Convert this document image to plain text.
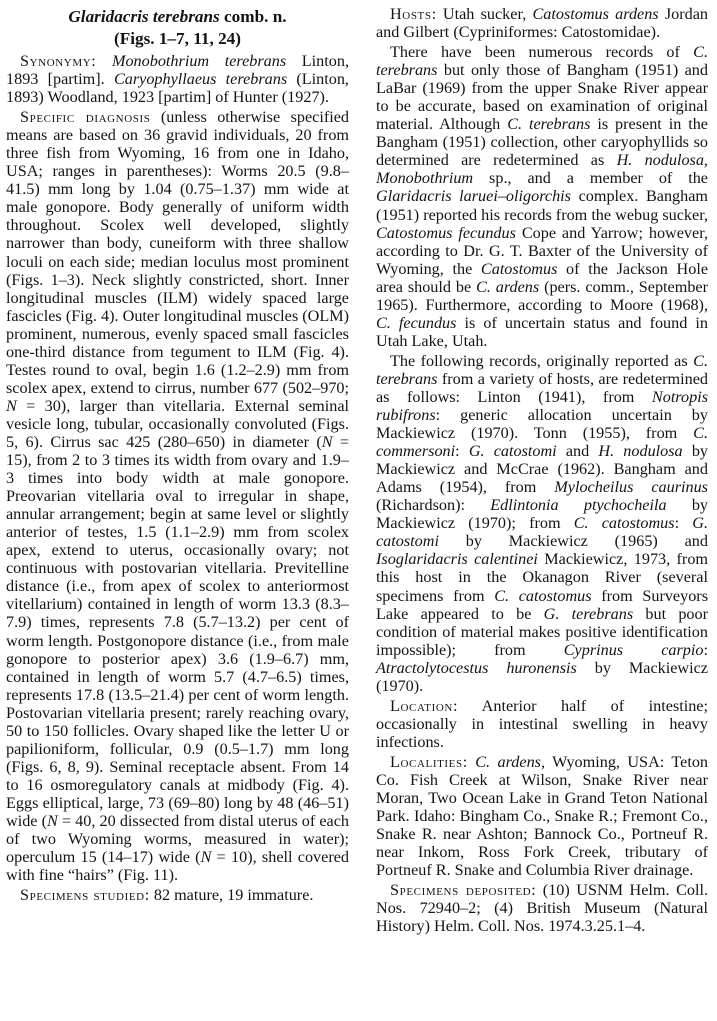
Glaridacris terebrans comb. n.
(Figs. 1–7, 11, 24)

Synonymy: Monobothrium terebrans Linton, 1893 [partim]. Caryophyllaeus terebrans (Linton, 1893) Woodland, 1923 [partim] of Hunter (1927).

Specific diagnosis (unless otherwise specified means are based on 36 gravid individuals, 20 from three fish from Wyoming, 16 from one in Idaho, USA; ranges in parentheses): Worms 20.5 (9.8–41.5) mm long by 1.04 (0.75–1.37) mm wide at male gonopore. Body generally of uniform width throughout. Scolex well developed, slightly narrower than body, cuneiform with three shallow loculi on each side; median loculus most prominent (Figs. 1–3). Neck slightly constricted, short. Inner longitudinal muscles (ILM) widely spaced large fascicles (Fig. 4). Outer longitudinal muscles (OLM) prominent, numerous, evenly spaced small fascicles one-third distance from tegument to ILM (Fig. 4). Testes round to oval, begin 1.6 (1.2–2.9) mm from scolex apex, extend to cirrus, number 677 (502–970; N = 30), larger than vitellaria. External seminal vesicle long, tubular, occasionally convoluted (Figs. 5, 6). Cirrus sac 425 (280–650) in diameter (N = 15), from 2 to 3 times its width from ovary and 1.9–3 times into body width at male gonopore. Preovarian vitellaria oval to irregular in shape, annular arrangement; begin at same level or slightly anterior of testes, 1.5 (1.1–2.9) mm from scolex apex, extend to uterus, occasionally ovary; not continuous with postovarian vitellaria. Previtelline distance (i.e., from apex of scolex to anteriormost vitellarium) contained in length of worm 13.3 (8.3–7.9) times, represents 7.8 (5.7–13.2) per cent of worm length. Postgonopore distance (i.e., from male gonopore to posterior apex) 3.6 (1.9–6.7) mm, contained in length of worm 5.7 (4.7–6.5) times, represents 17.8 (13.5–21.4) per cent of worm length. Postovarian vitellaria present; rarely reaching ovary, 50 to 150 follicles. Ovary shaped like the letter U or papilioniform, follicular, 0.9 (0.5–1.7) mm long (Figs. 6, 8, 9). Seminal receptacle absent. From 14 to 16 osmoregulatory canals at midbody (Fig. 4). Eggs elliptical, large, 73 (69–80) long by 48 (46–51) wide (N = 40, 20 dissected from distal uterus of each of two Wyoming worms, measured in water); operculum 15 (14–17) wide (N = 10), shell covered with fine “hairs” (Fig. 11).

Specimens studied: 82 mature, 19 immature.

Hosts: Utah sucker, Catostomus ardens Jordan and Gilbert (Cypriniformes: Catostomidae).

There have been numerous records of C. terebrans but only those of Bangham (1951) and LaBar (1969) from the upper Snake River appear to be accurate, based on examination of original material. Although C. terebrans is present in the Bangham (1951) collection, other caryophyllids so determined are redetermined as H. nodulosa, Monobothrium sp., and a member of the Glaridacris laruei–oligorchis complex. Bangham (1951) reported his records from the webug sucker, Catostomus fecundus Cope and Yarrow; however, according to Dr. G. T. Baxter of the University of Wyoming, the Catostomus of the Jackson Hole area should be C. ardens (pers. comm., September 1965). Furthermore, according to Moore (1968), C. fecundus is of uncertain status and found in Utah Lake, Utah.

The following records, originally reported as C. terebrans from a variety of hosts, are redetermined as follows: Linton (1941), from Notropis rubifrons: generic allocation uncertain by Mackiewicz (1970). Tonn (1955), from C. commersoni: G. catostomi and H. nodulosa by Mackiewicz and McCrae (1962). Bangham and Adams (1954), from Mylocheilus caurinus (Richardson): Edlintonia ptychocheila by Mackiewicz (1970); from C. catostomus: G. catostomi by Mackiewicz (1965) and Isoglaridacris calentinei Mackiewicz, 1973, from this host in the Okanagon River (several specimens from C. catostomus from Surveyors Lake appeared to be G. terebrans but poor condition of material makes positive identification impossible); from Cyprinus carpio: Atractolytocestus huronensis by Mackiewicz (1970).

Location: Anterior half of intestine; occasionally in intestinal swelling in heavy infections.

Localities: C. ardens, Wyoming, USA: Teton Co. Fish Creek at Wilson, Snake River near Moran, Two Ocean Lake in Grand Teton National Park. Idaho: Bingham Co., Snake R.; Fremont Co., Snake R. near Ashton; Bannock Co., Portneuf R. near Inkom, Ross Fork Creek, tributary of Portneuf R. Snake and Columbia River drainage.

Specimens deposited: (10) USNM Helm. Coll. Nos. 72940–2; (4) British Museum (Natural History) Helm. Coll. Nos. 1974.3.25.1–4.
